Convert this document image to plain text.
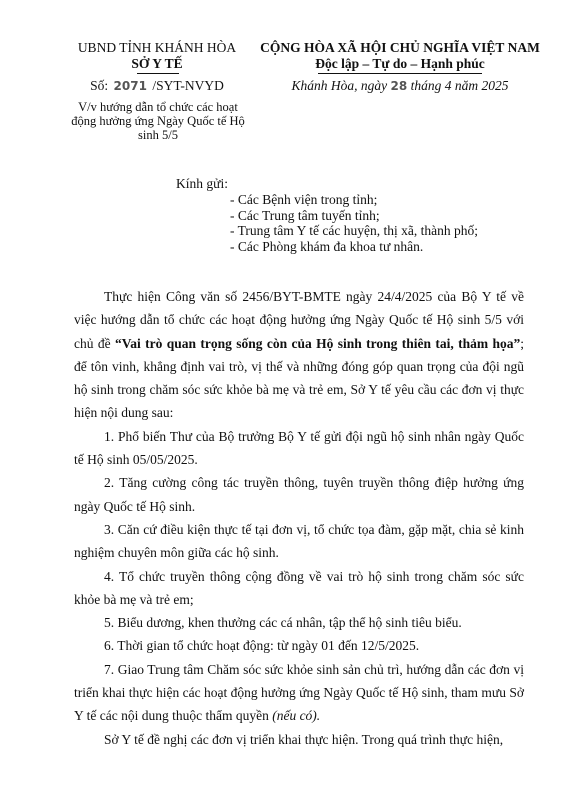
UBND TỈNH KHÁNH HÒA
SỞ Y TẾ
Số: 2071 /SYT-NVYD
V/v hướng dẫn tổ chức các hoạt động hưởng ứng Ngày Quốc tế Hộ sinh 5/5
CỘNG HÒA XÃ HỘI CHỦ NGHĨA VIỆT NAM
Độc lập – Tự do – Hạnh phúc
Khánh Hòa, ngày 28 tháng 4 năm 2025
Kính gửi:
- Các Bệnh viện trong tỉnh;
- Các Trung tâm tuyến tỉnh;
- Trung tâm Y tế các huyện, thị xã, thành phố;
- Các Phòng khám đa khoa tư nhân.

Thực hiện Công văn số 2456/BYT-BMTE ngày 24/4/2025 của Bộ Y tế về việc hướng dẫn tổ chức các hoạt động hưởng ứng Ngày Quốc tế Hộ sinh 5/5 với chủ đề “Vai trò quan trọng sống còn của Hộ sinh trong thiên tai, thảm họa”; để tôn vinh, khẳng định vai trò, vị thế và những đóng góp quan trọng của đội ngũ hộ sinh trong chăm sóc sức khỏe bà mẹ và trẻ em, Sở Y tế yêu cầu các đơn vị thực hiện nội dung sau:

1. Phổ biến Thư của Bộ trưởng Bộ Y tế gửi đội ngũ hộ sinh nhân ngày Quốc tế Hộ sinh 05/05/2025.

2. Tăng cường công tác truyền thông, tuyên truyền thông điệp hưởng ứng ngày Quốc tế Hộ sinh.

3. Căn cứ điều kiện thực tế tại đơn vị, tổ chức tọa đàm, gặp mặt, chia sẻ kinh nghiệm chuyên môn giữa các hộ sinh.

4. Tổ chức truyền thông cộng đồng về vai trò hộ sinh trong chăm sóc sức khỏe bà mẹ và trẻ em;

5. Biểu dương, khen thưởng các cá nhân, tập thể hộ sinh tiêu biểu.

6. Thời gian tổ chức hoạt động: từ ngày 01 đến 12/5/2025.

7. Giao Trung tâm Chăm sóc sức khỏe sinh sản chủ trì, hướng dẫn các đơn vị triển khai thực hiện các hoạt động hưởng ứng Ngày Quốc tế Hộ sinh, tham mưu Sở Y tế các nội dung thuộc thẩm quyền (nếu có).

Sở Y tế đề nghị các đơn vị triển khai thực hiện. Trong quá trình thực hiện,
